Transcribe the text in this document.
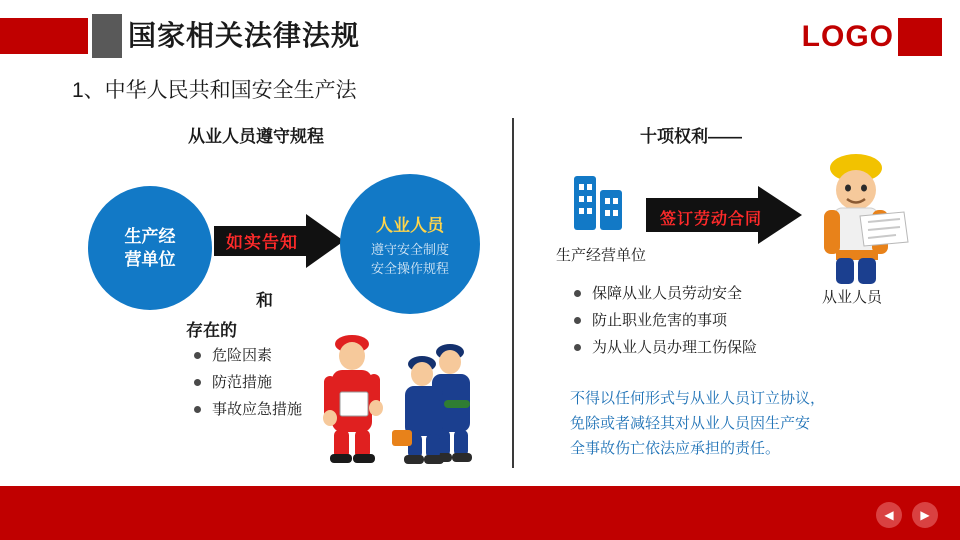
国家相关法律法规	LOGO
1、中华人民共和国安全生产法
从业人员遵守规程
生产经
营单位
如实告知
人业人员
遵守安全制度
安全操作规程
和
存在的
危险因素
防范措施
事故应急措施
十项权利——
生产经营单位
签订劳动合同
从业人员
保障从业人员劳动安全
防止职业危害的事项
为从业人员办理工伤保险
不得以任何形式与从业人员订立协议，
免除或者减轻其对从业人员因生产安
全事故伤亡依法应承担的责任。
◀	▶
